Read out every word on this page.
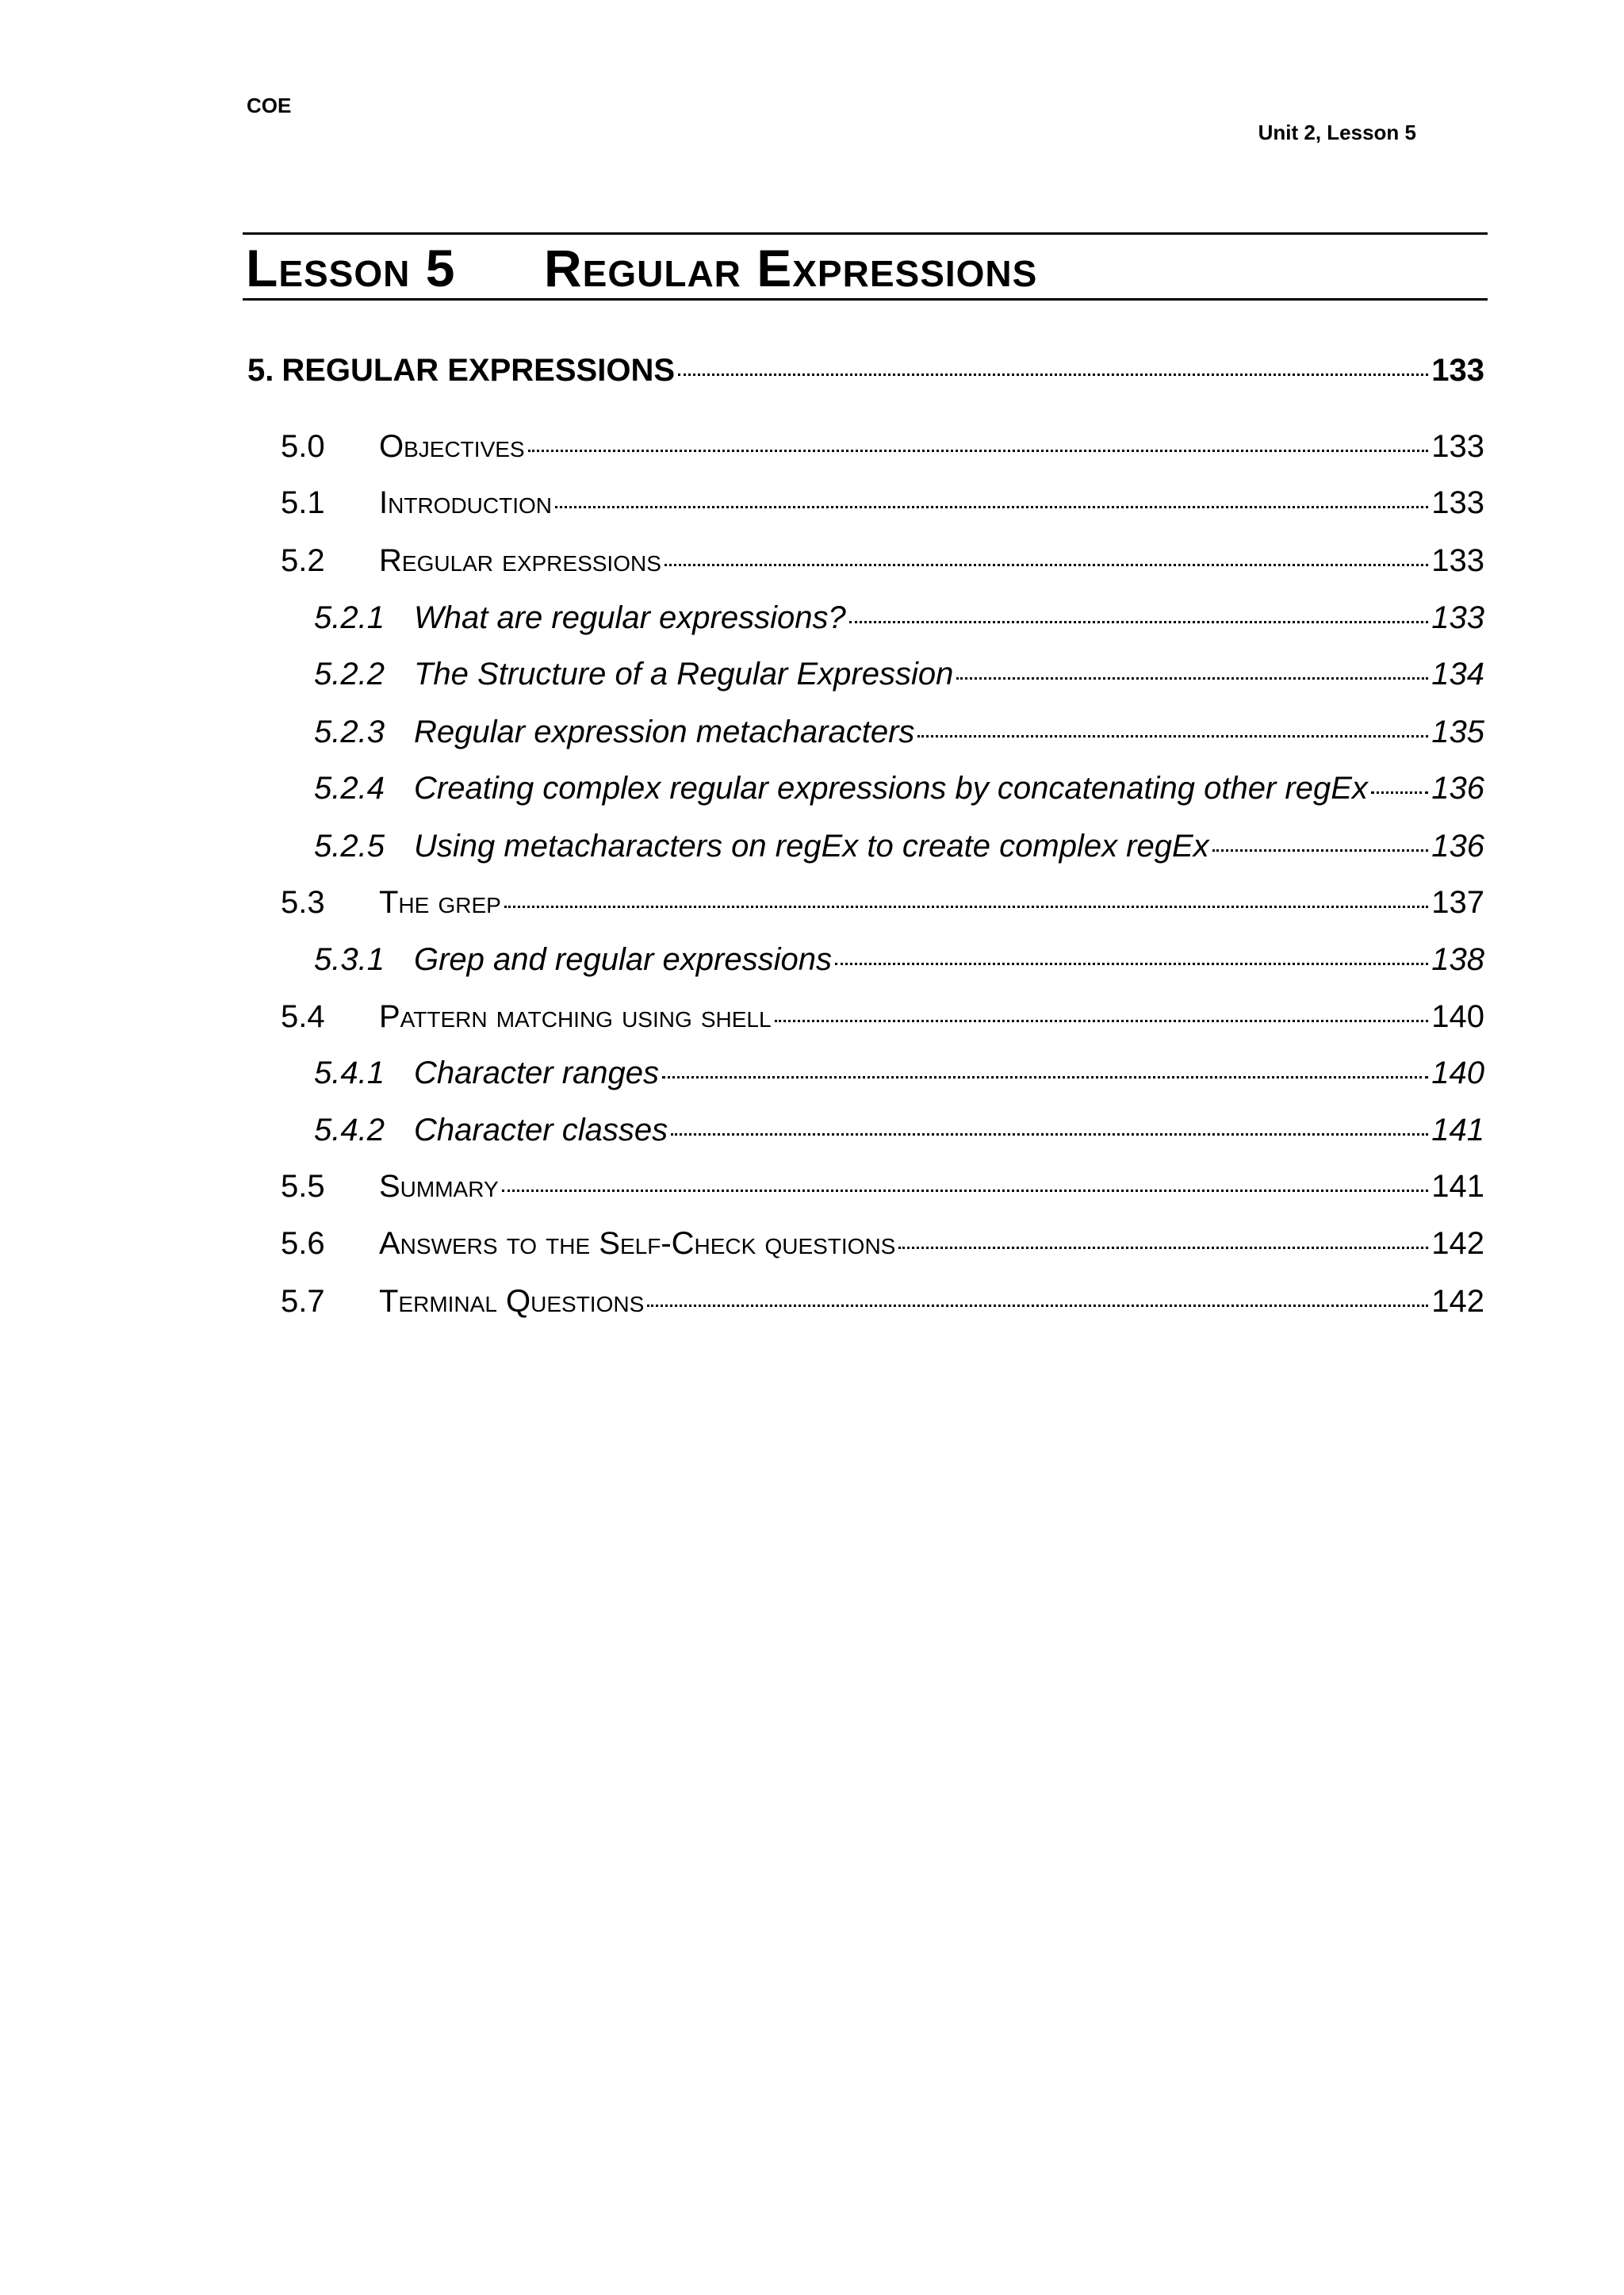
COE
Unit 2, Lesson 5
Lesson 5 Regular Expressions
5. REGULAR EXPRESSIONS	133
5.0	Objectives	133
5.1	Introduction	133
5.2	Regular expressions	133
5.2.1 What are regular expressions?	133
5.2.2 The Structure of a Regular Expression	134
5.2.3 Regular expression metacharacters	135
5.2.4 Creating complex regular expressions by concatenating other regEx 136
5.2.5 Using metacharacters on regEx to create complex regEx	136
5.3	The grep	137
5.3.1 Grep and regular expressions	138
5.4	Pattern matching using shell	140
5.4.1 Character ranges	140
5.4.2 Character classes	141
5.5	Summary	141
5.6	Answers to the Self-Check questions	142
5.7	Terminal Questions	142
